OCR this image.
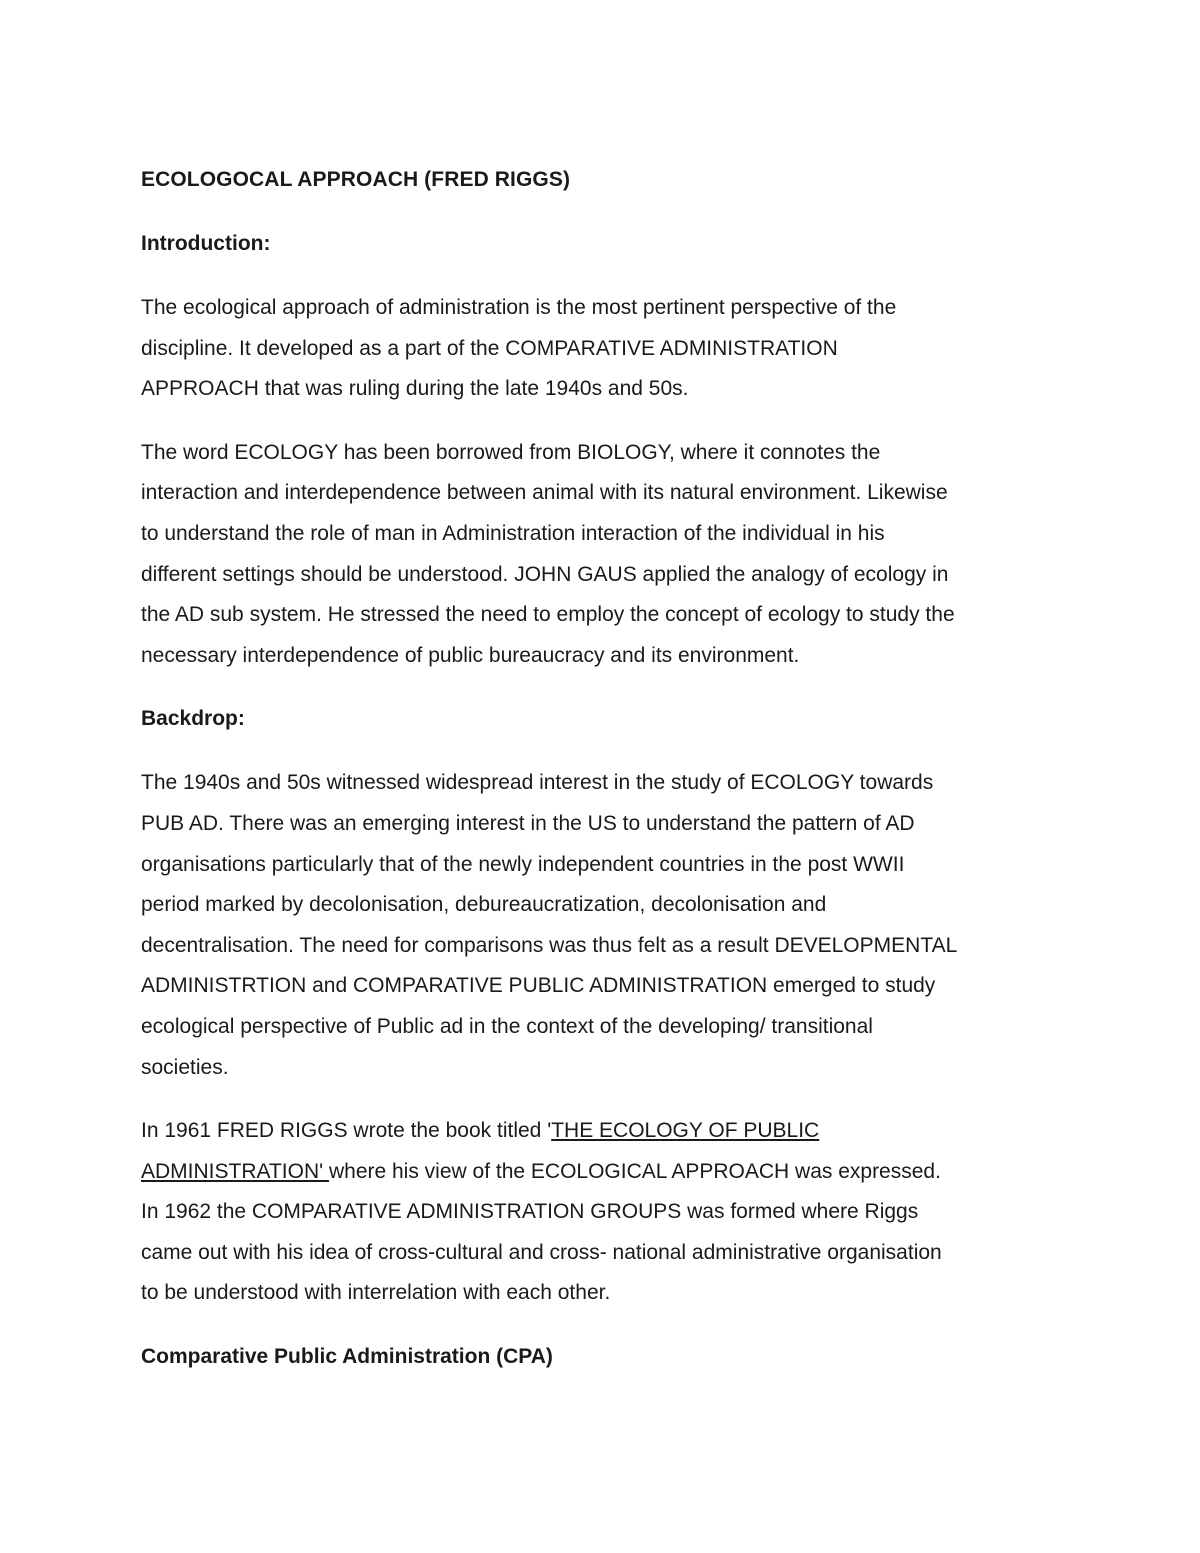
ECOLOGOCAL APPROACH (FRED RIGGS)
Introduction:
The ecological approach of administration is the most pertinent perspective of the
discipline. It developed as a part of the COMPARATIVE ADMINISTRATION
APPROACH that was ruling during the late 1940s and 50s.
The word ECOLOGY has been borrowed from BIOLOGY, where it connotes the
interaction and interdependence between animal with its natural environment. Likewise
to understand the role of man in Administration interaction of the individual in his
different settings should be understood. JOHN GAUS applied the analogy of ecology in
the AD sub system. He stressed the need to employ the concept of ecology to study the
necessary interdependence of public bureaucracy and its environment.
Backdrop:
The 1940s and 50s witnessed widespread interest in the study of ECOLOGY towards
PUB AD. There was an emerging interest in the US to understand the pattern of AD
organisations particularly that of the newly independent countries in the post WWII
period marked by decolonisation, debureaucratization, decolonisation and
decentralisation. The need for comparisons was thus felt as a result DEVELOPMENTAL
ADMINISTRTION and COMPARATIVE PUBLIC ADMINISTRATION emerged to study
ecological perspective of Public ad in the context of the developing/ transitional
societies.
In 1961 FRED RIGGS wrote the book titled 'THE ECOLOGY OF PUBLIC
ADMINISTRATION' where his view of the ECOLOGICAL APPROACH was expressed.
In 1962 the COMPARATIVE ADMINISTRATION GROUPS was formed where Riggs
came out with his idea of cross-cultural and cross- national administrative organisation
to be understood with interrelation with each other.
Comparative Public Administration (CPA)
